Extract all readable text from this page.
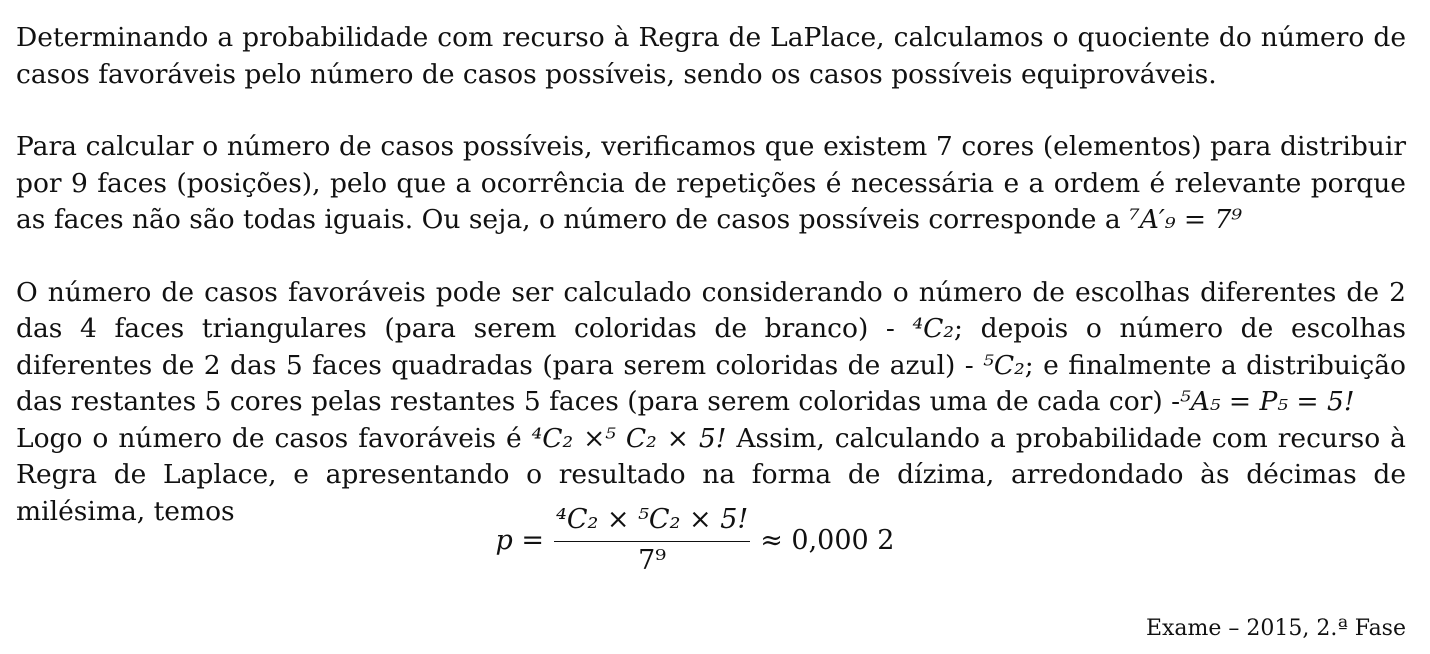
Determinando a probabilidade com recurso à Regra de LaPlace, calculamos o quociente do número de casos favoráveis pelo número de casos possíveis, sendo os casos possíveis equiprováveis.

Para calcular o número de casos possíveis, verificamos que existem 7 cores (elementos) para distribuir por 9 faces (posições), pelo que a ocorrência de repetições é necessária e a ordem é relevante porque as faces não são todas iguais. Ou seja, o número de casos possíveis corresponde a ⁷A′₉ = 7⁹

O número de casos favoráveis pode ser calculado considerando o número de escolhas diferentes de 2 das 4 faces triangulares (para serem coloridas de branco) - ⁴C₂; depois o número de escolhas diferentes de 2 das 5 faces quadradas (para serem coloridas de azul) - ⁵C₂; e finalmente a distribuição das restantes 5 cores pelas restantes 5 faces (para serem coloridas uma de cada cor) -⁵A₅ = P₅ = 5!

Logo o número de casos favoráveis é ⁴C₂ ×⁵ C₂ × 5! Assim, calculando a probabilidade com recurso à Regra de Laplace, e apresentando o resultado na forma de dízima, arredondado às décimas de milésima, temos

$p = \frac{\text{⁴C₂ × ⁵C₂ × 5!}}{\text{7⁹}} \approx 0,000$ 2
Exame – 2015, 2.ª Fase
